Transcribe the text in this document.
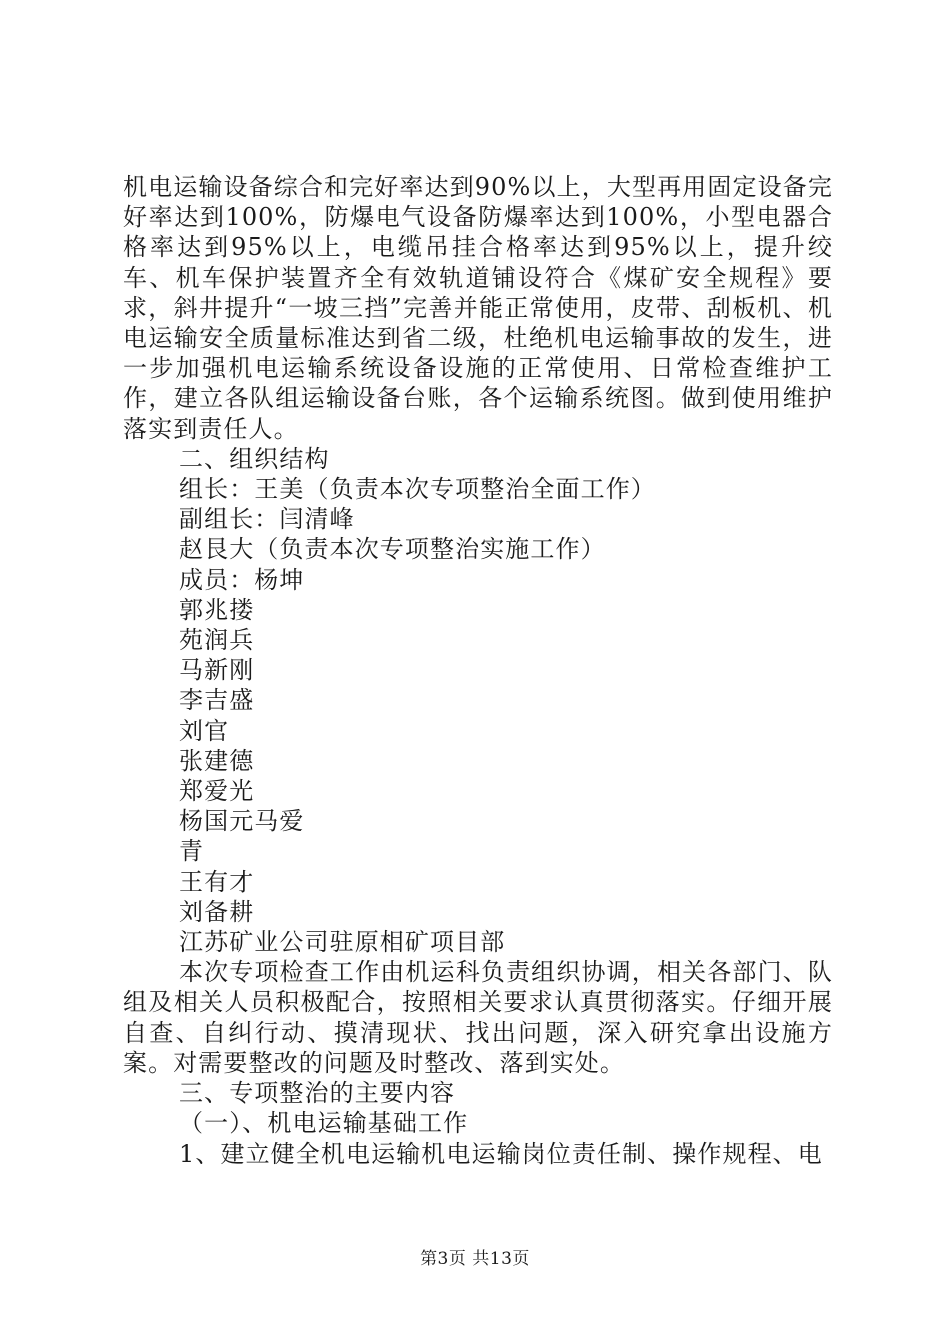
机电运输设备综合和完好率达到90%以上，大型再用固定设备完好率达到100%，防爆电气设备防爆率达到100%，小型电器合格率达到95%以上，电缆吊挂合格率达到95%以上，提升绞车、机车保护装置齐全有效轨道铺设符合《煤矿安全规程》要求，斜井提升“一坡三挡”完善并能正常使用，皮带、刮板机、机电运输安全质量标准达到省二级，杜绝机电运输事故的发生，进一步加强机电运输系统设备设施的正常使用、日常检查维护工作，建立各队组运输设备台账，各个运输系统图。做到使用维护落实到责任人。

二、组织结构

组长：王美（负责本次专项整治全面工作）

副组长：闫清峰

赵艮大（负责本次专项整治实施工作）

成员：杨坤

郭兆搂

苑润兵

马新刚

李吉盛

刘官

张建德

郑爱光

杨国元马爱

青

王有才

刘备耕

江苏矿业公司驻原相矿项目部

本次专项检查工作由机运科负责组织协调，相关各部门、队组及相关人员积极配合，按照相关要求认真贯彻落实。仔细开展自查、自纠行动、摸清现状、找出问题，深入研究拿出设施方案。对需要整改的问题及时整改、落到实处。

三、专项整治的主要内容

（一）、机电运输基础工作

1、建立健全机电运输机电运输岗位责任制、操作规程、电

第3页 共13页
